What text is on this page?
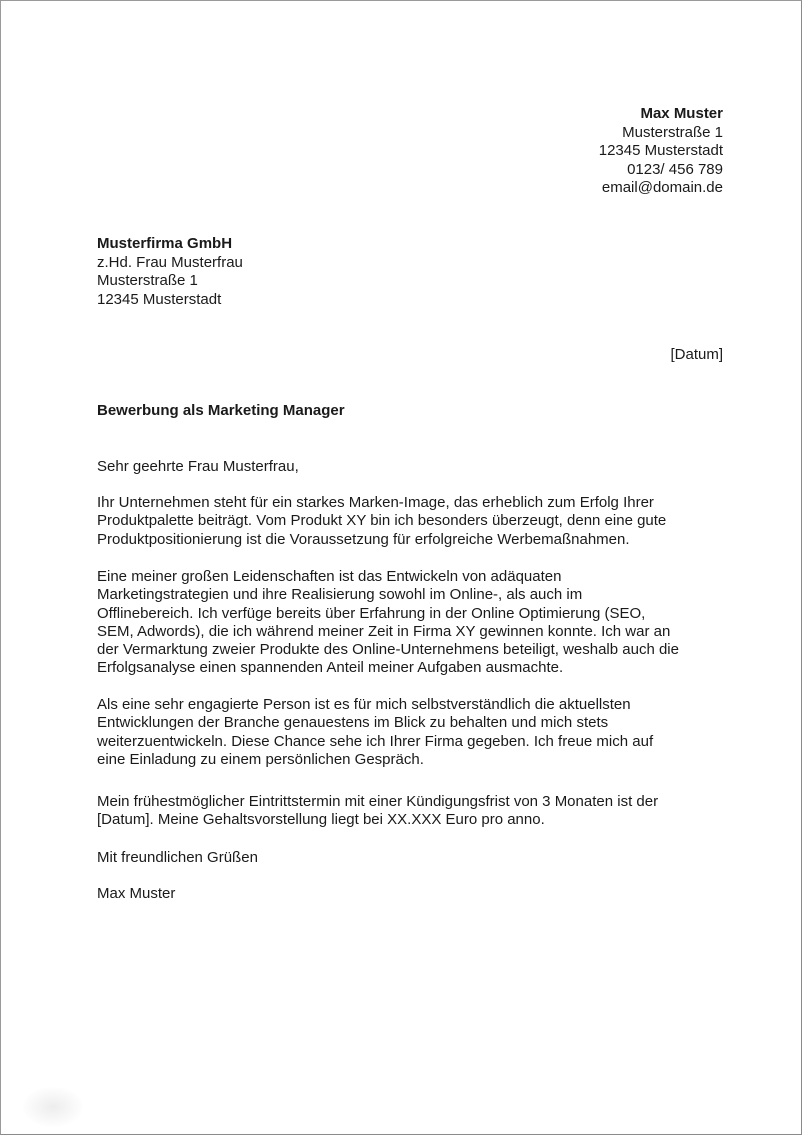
Max Muster
Musterstraße 1
12345 Musterstadt
0123/ 456 789
email@domain.de
Musterfirma GmbH
z.Hd. Frau Musterfrau
Musterstraße 1
12345 Musterstadt
[Datum]
Bewerbung als Marketing Manager
Sehr geehrte Frau Musterfrau,
Ihr Unternehmen steht für ein starkes Marken-Image, das erheblich zum Erfolg Ihrer
Produktpalette beiträgt. Vom Produkt XY bin ich besonders überzeugt, denn eine gute
Produktpositionierung ist die Voraussetzung für erfolgreiche Werbemaßnahmen.
Eine meiner großen Leidenschaften ist das Entwickeln von adäquaten
Marketingstrategien und ihre Realisierung sowohl im Online-, als auch im
Offlinebereich. Ich verfüge bereits über Erfahrung in der Online Optimierung (SEO,
SEM, Adwords), die ich während meiner Zeit in Firma XY gewinnen konnte. Ich war an
der Vermarktung zweier Produkte des Online-Unternehmens beteiligt, weshalb auch die
Erfolgsanalyse einen spannenden Anteil meiner Aufgaben ausmachte.
Als eine sehr engagierte Person ist es für mich selbstverständlich die aktuellsten
Entwicklungen der Branche genauestens im Blick zu behalten und mich stets
weiterzuentwickeln. Diese Chance sehe ich Ihrer Firma gegeben. Ich freue mich auf
eine Einladung zu einem persönlichen Gespräch.
Mein frühestmöglicher Eintrittstermin mit einer Kündigungsfrist von 3 Monaten ist der
[Datum]. Meine Gehaltsvorstellung liegt bei XX.XXX Euro pro anno.
Mit freundlichen Grüßen
Max Muster
